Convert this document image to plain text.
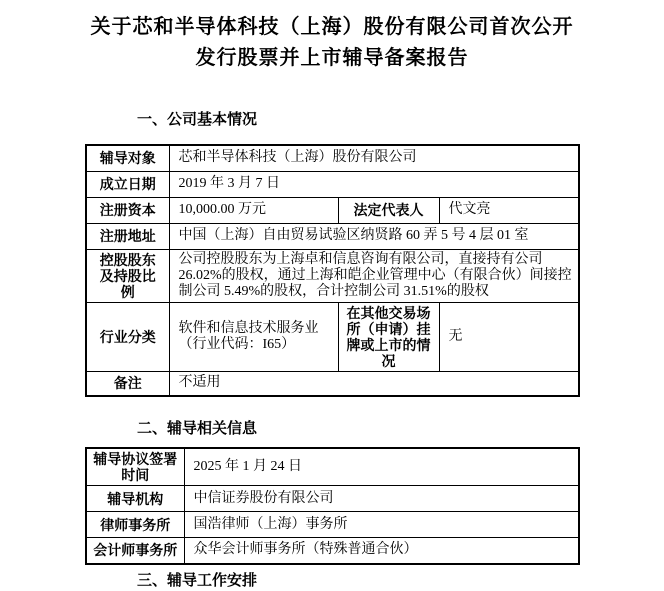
关于芯和半导体科技（上海）股份有限公司首次公开
发行股票并上市辅导备案报告
一、公司基本情况
辅导对象	芯和半导体科技（上海）股份有限公司		
成立日期	2019 年 3 月 7 日		
注册资本	10,000.00 万元	法定代表人	代文亮
注册地址	中国（上海）自由贸易试验区纳贤路 60 弄 5 号 4 层 01 室		
控股股东及持股比例	公司控股股东为上海卓和信息咨询有限公司，直接持有公司 26.02%的股权，通过上海和皑企业管理中心（有限合伙）间接控制公司 5.49%的股权，合计控制公司 31.51%的股权		
行业分类	软件和信息技术服务业（行业代码：I65）	在其他交易场所（申请）挂牌或上市的情况	无
备注	不适用		
二、辅导相关信息
辅导协议签署时间	2025 年 1 月 24 日
辅导机构	中信证券股份有限公司
律师事务所	国浩律师（上海）事务所
会计师事务所	众华会计师事务所（特殊普通合伙）
三、辅导工作安排
